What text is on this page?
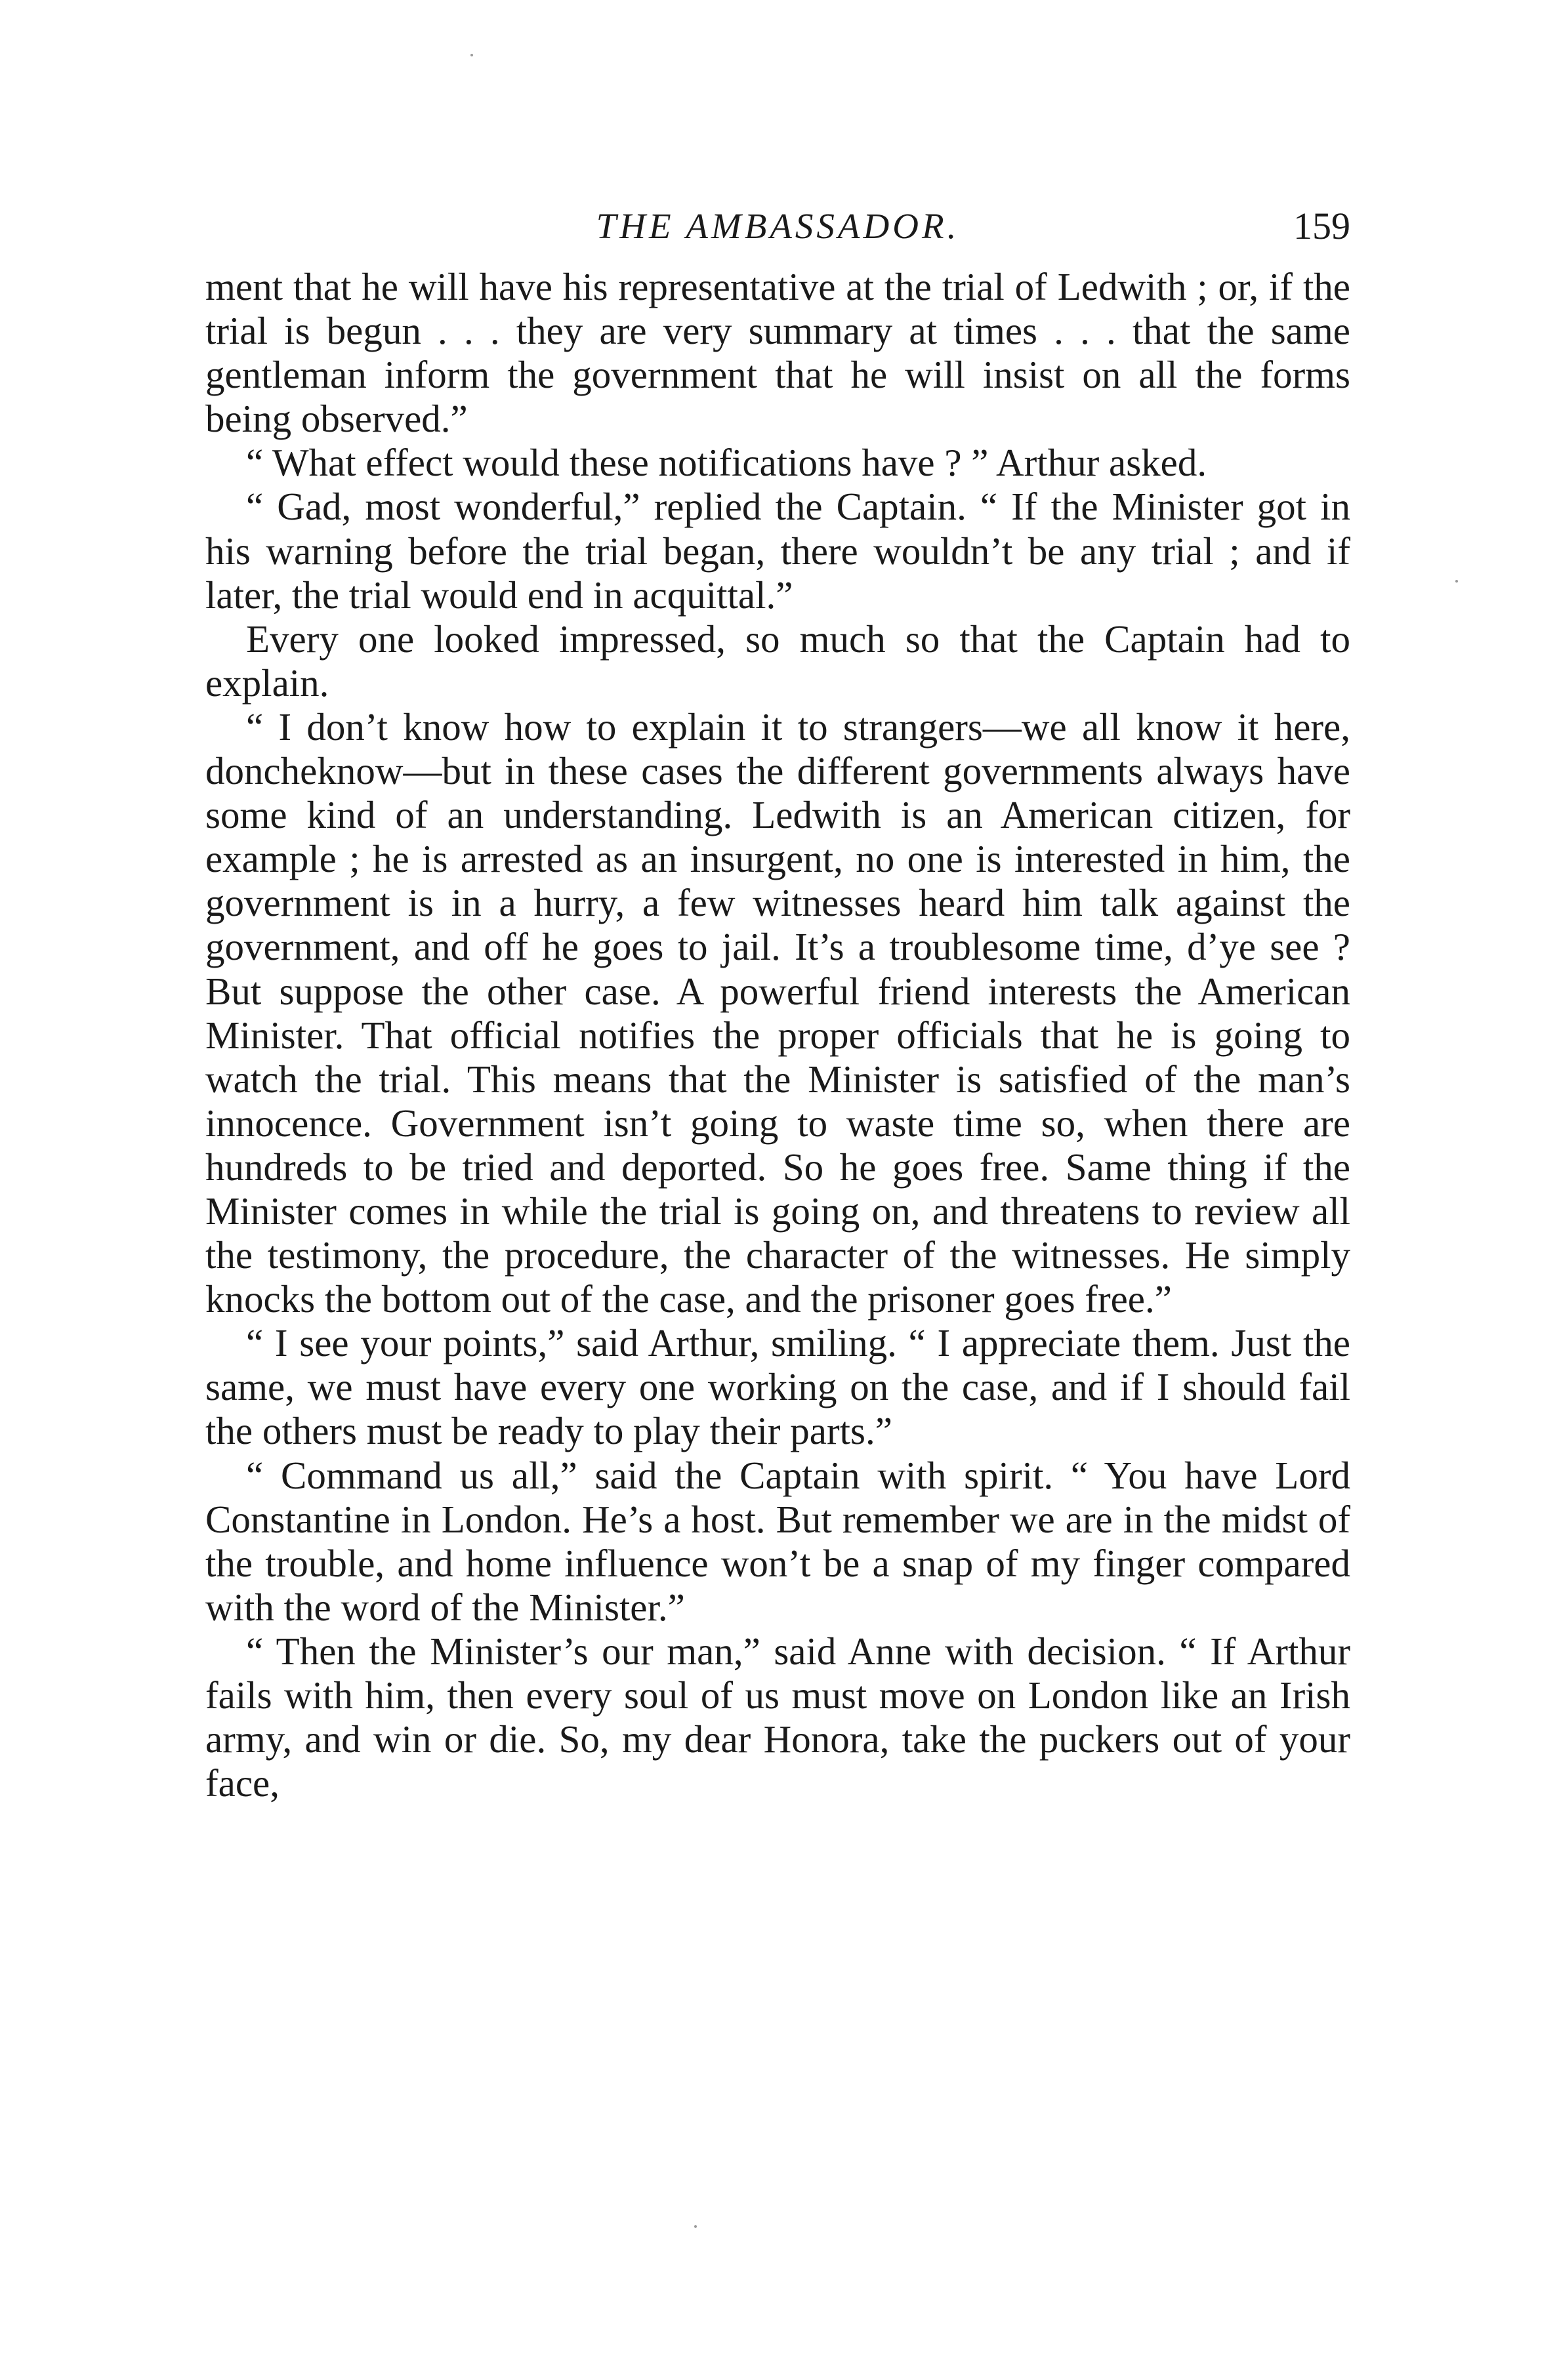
THE AMBASSADOR.	159

ment that he will have his representative at the trial of Ledwith ; or, if the trial is begun . . . they are very summary at times . . . that the same gentleman inform the government that he will insist on all the forms being observed.”

“ What effect would these notifications have ? ” Arthur asked.

“ Gad, most wonderful,” replied the Captain. “ If the Minister got in his warning before the trial began, there wouldn’t be any trial ; and if later, the trial would end in acquittal.”

Every one looked impressed, so much so that the Captain had to explain.

“ I don’t know how to explain it to strangers—we all know it here, doncheknow—but in these cases the different governments always have some kind of an understanding. Ledwith is an American citizen, for example ; he is arrested as an insurgent, no one is interested in him, the government is in a hurry, a few witnesses heard him talk against the government, and off he goes to jail. It’s a troublesome time, d’ye see ? But suppose the other case. A powerful friend interests the American Minister. That official notifies the proper officials that he is going to watch the trial. This means that the Minister is satisfied of the man’s innocence. Government isn’t going to waste time so, when there are hundreds to be tried and deported. So he goes free. Same thing if the Minister comes in while the trial is going on, and threatens to review all the testimony, the procedure, the character of the witnesses. He simply knocks the bottom out of the case, and the prisoner goes free.”

“ I see your points,” said Arthur, smiling. “ I appreciate them. Just the same, we must have every one working on the case, and if I should fail the others must be ready to play their parts.”

“ Command us all,” said the Captain with spirit. “ You have Lord Constantine in London. He’s a host. But remember we are in the midst of the trouble, and home influence won’t be a snap of my finger compared with the word of the Minister.”

“ Then the Minister’s our man,” said Anne with decision. “ If Arthur fails with him, then every soul of us must move on London like an Irish army, and win or die. So, my dear Honora, take the puckers out of your face,
